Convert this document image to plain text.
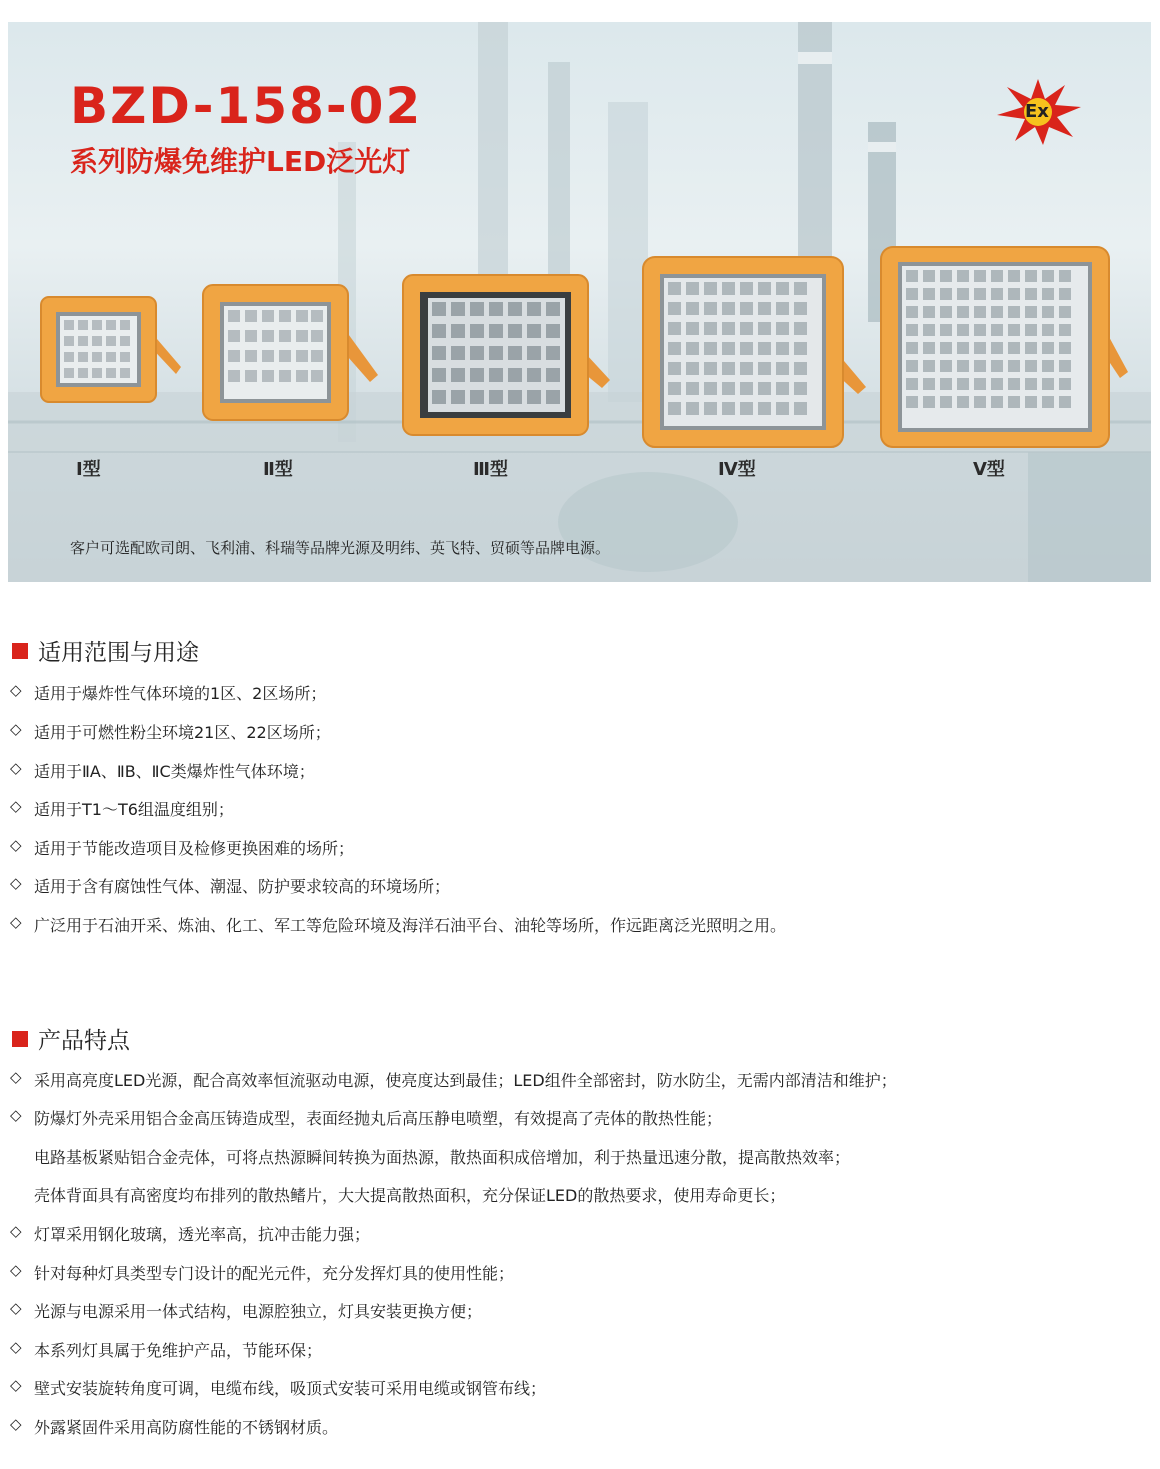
BZD-158-02
系列防爆免维护LED泛光灯
Ex
Ⅰ型	Ⅱ型	Ⅲ型	Ⅳ型	Ⅴ型
客户可选配欧司朗、飞利浦、科瑞等品牌光源及明纬、英飞特、贸硕等品牌电源。
适用范围与用途
◇ 适用于爆炸性气体环境的1区、2区场所；
◇ 适用于可燃性粉尘环境21区、22区场所；
◇ 适用于ⅡA、ⅡB、ⅡC类爆炸性气体环境；
◇ 适用于T1～T6组温度组别；
◇ 适用于节能改造项目及检修更换困难的场所；
◇ 适用于含有腐蚀性气体、潮湿、防护要求较高的环境场所；
◇ 广泛用于石油开采、炼油、化工、军工等危险环境及海洋石油平台、油轮等场所，作远距离泛光照明之用。
产品特点
◇ 采用高亮度LED光源，配合高效率恒流驱动电源，使亮度达到最佳；LED组件全部密封，防水防尘，无需内部清洁和维护；
◇ 防爆灯外壳采用铝合金高压铸造成型，表面经抛丸后高压静电喷塑，有效提高了壳体的散热性能；
电路基板紧贴铝合金壳体，可将点热源瞬间转换为面热源，散热面积成倍增加，利于热量迅速分散，提高散热效率；
壳体背面具有高密度均布排列的散热鳍片，大大提高散热面积，充分保证LED的散热要求，使用寿命更长；
◇ 灯罩采用钢化玻璃，透光率高，抗冲击能力强；
◇ 针对每种灯具类型专门设计的配光元件，充分发挥灯具的使用性能；
◇ 光源与电源采用一体式结构，电源腔独立，灯具安装更换方便；
◇ 本系列灯具属于免维护产品，节能环保；
◇ 壁式安装旋转角度可调，电缆布线，吸顶式安装可采用电缆或钢管布线；
◇ 外露紧固件采用高防腐性能的不锈钢材质。
